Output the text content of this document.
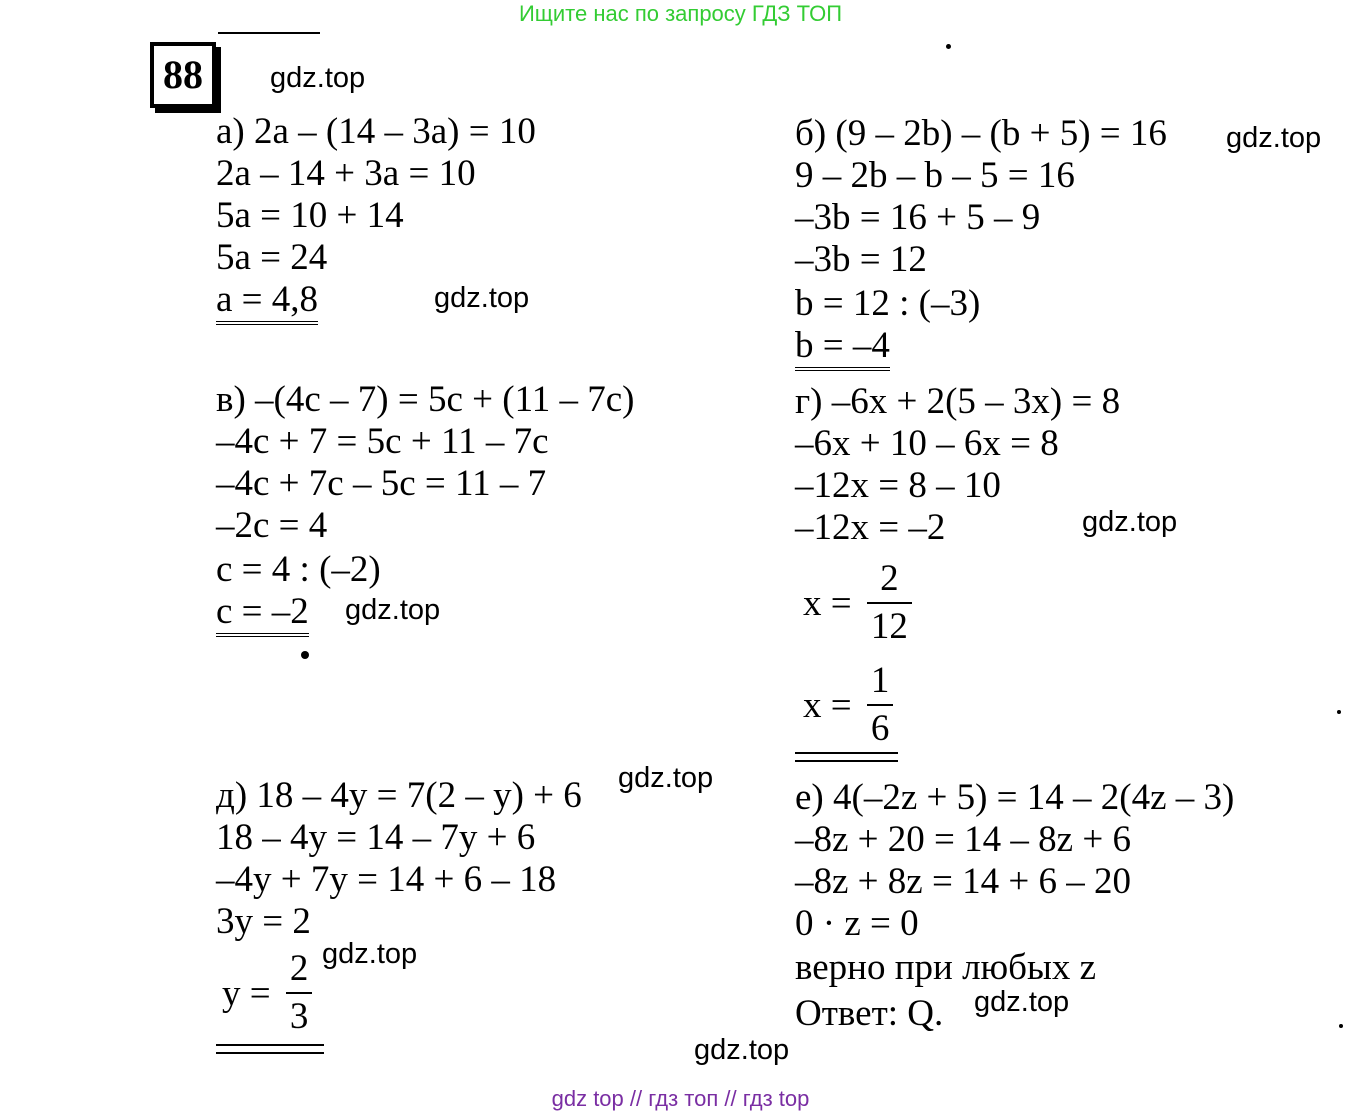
Ищите нас по запросу ГДЗ ТОП
88	gdz.top
gdz.top
gdz.top
gdz.top
gdz.top
gdz.top
gdz.top
gdz.top
gdz.top
а) 2a – (14 – 3a) = 10
2a – 14 + 3a = 10
5a = 10 + 14
5a = 24
a = 4,8
б) (9 – 2b) – (b + 5) = 16
9 – 2b – b – 5 = 16
–3b = 16 + 5 – 9
–3b = 12
b = 12 : (–3)
b = –4
в) –(4c – 7) = 5c + (11 – 7c)
–4c + 7 = 5c + 11 – 7c
–4c + 7c – 5c = 11 – 7
–2c = 4
c = 4 : (–2)
c = –2
г) –6x + 2(5 – 3x) = 8
–6x + 10 – 6x = 8
–12x = 8 – 10
–12x = –2
$x = \frac{2}{12}$
$x = \frac{1}{6}$
д) 18 – 4y = 7(2 – y) + 6
18 – 4y = 14 – 7y + 6
–4y + 7y = 14 + 6 – 18
3y = 2
$y = \frac{2}{3}$
е) 4(–2z + 5) = 14 – 2(4z – 3)
–8z + 20 = 14 – 8z + 6
–8z + 8z = 14 + 6 – 20
0 · z = 0
верно при любых z
Ответ: Q.
gdz top // гдз топ // гдз top
